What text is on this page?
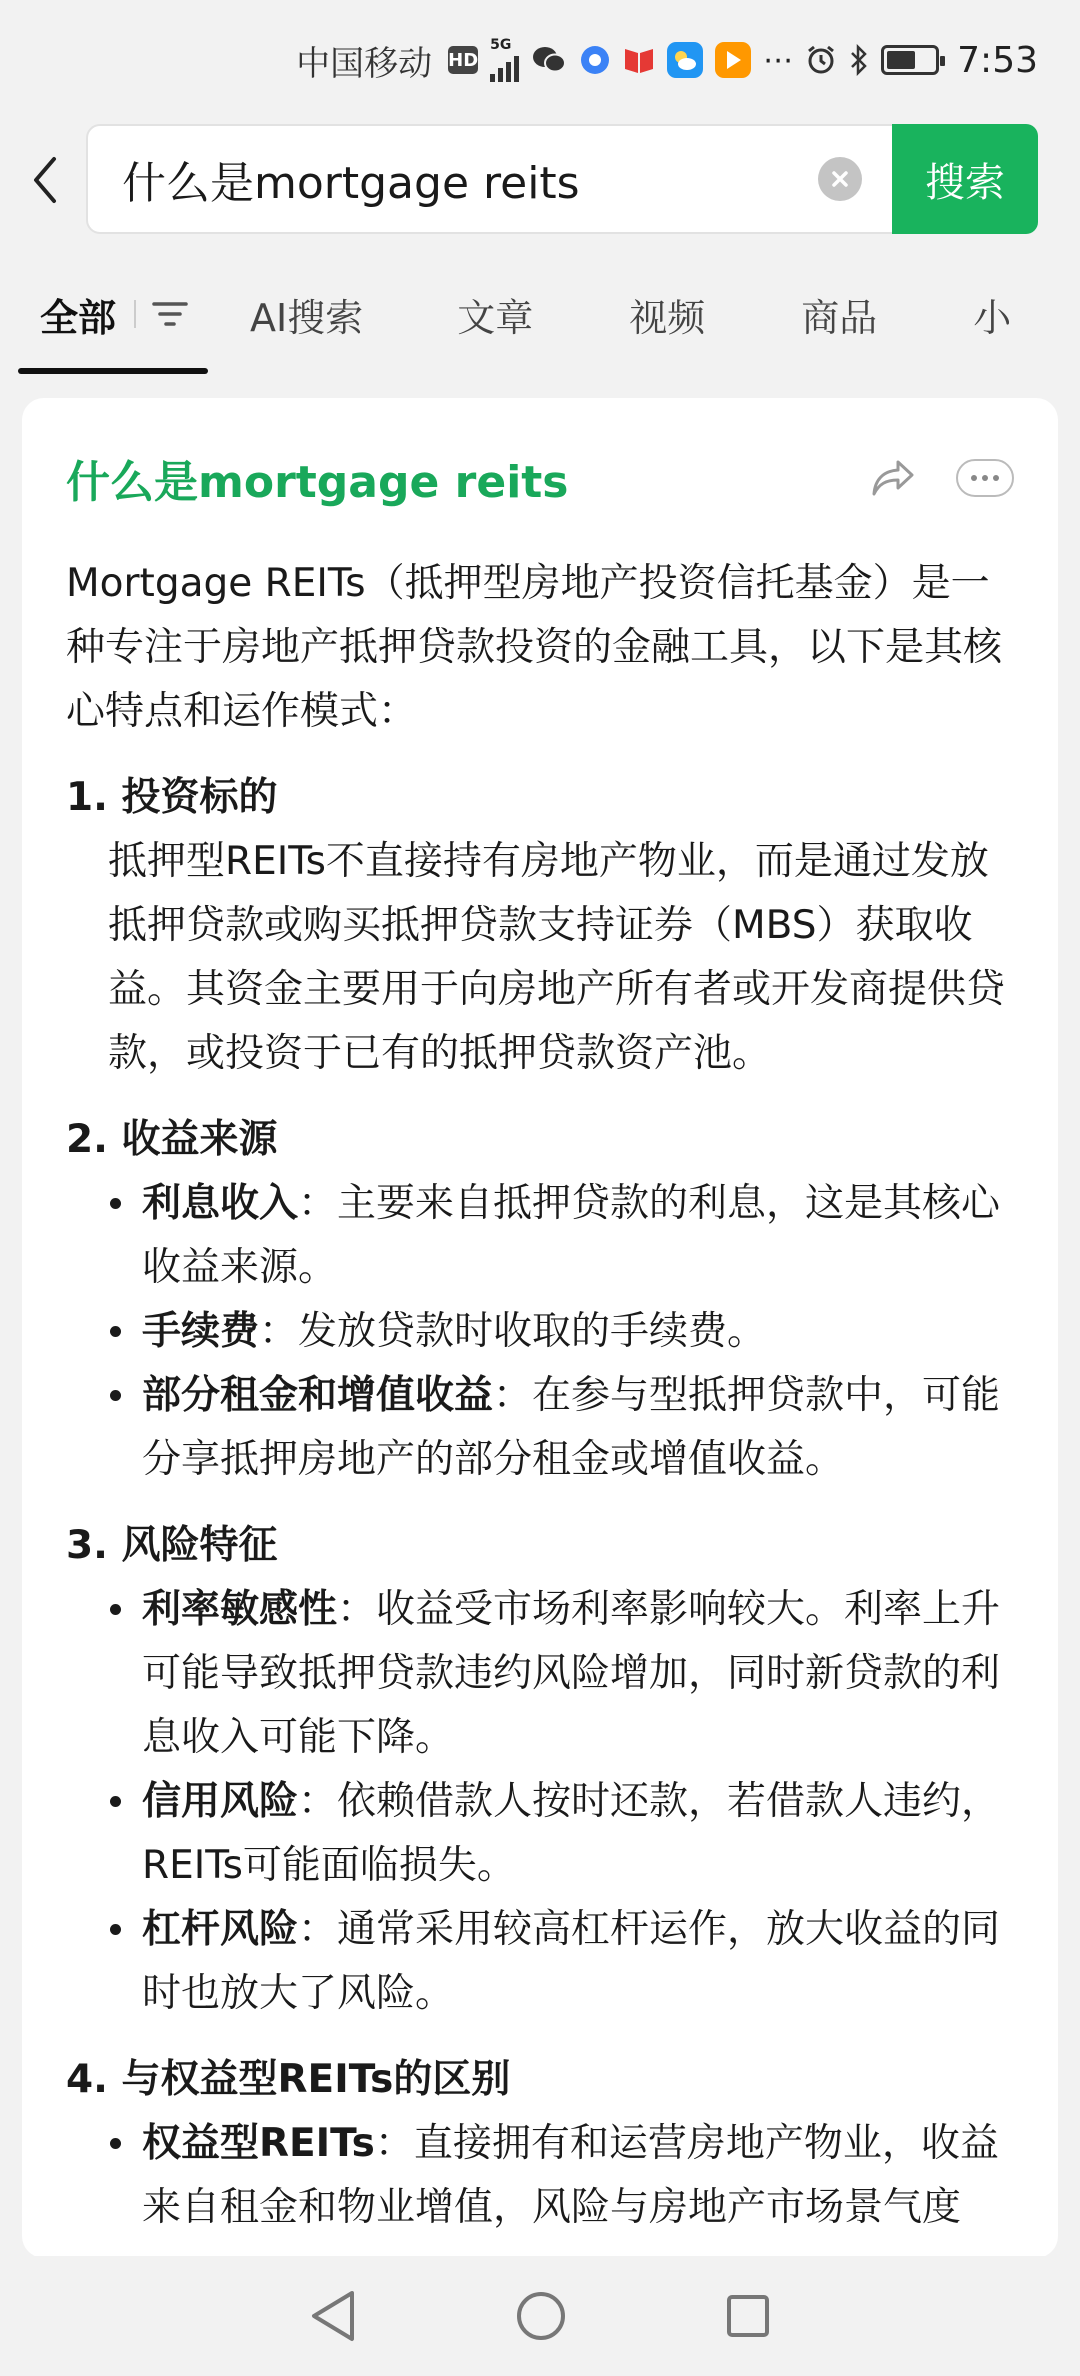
中国移动 HD
5G	⋯	7:53
什么是mortgage reits	搜索
全部	AI搜索 文章	视频	商品	小
什么是mortgage reits

Mortgage REITs（抵押型房地产投资信托基金）是一种专注于房地产抵押贷款投资的金融工具，以下是其核心特点和运作模式：

1. 投资标的
抵押型REITs不直接持有房地产物业，而是通过发放抵押贷款或购买抵押贷款支持证券（MBS）获取收益。其资金主要用于向房地产所有者或开发商提供贷款，或投资于已有的抵押贷款资产池。
2. 收益来源
利息收入：主要来自抵押贷款的利息，这是其核心收益来源。
手续费：发放贷款时收取的手续费。
部分租金和增值收益：在参与型抵押贷款中，可能分享抵押房地产的部分租金或增值收益。
3. 风险特征
利率敏感性：收益受市场利率影响较大。利率上升可能导致抵押贷款违约风险增加，同时新贷款的利息收入可能下降。
信用风险：依赖借款人按时还款，若借款人违约，REITs可能面临损失。
杠杆风险：通常采用较高杠杆运作，放大收益的同时也放大了风险。
4. 与权益型REITs的区别
权益型REITs：直接拥有和运营房地产物业，收益来自租金和物业增值，风险与房地产市场景气度
